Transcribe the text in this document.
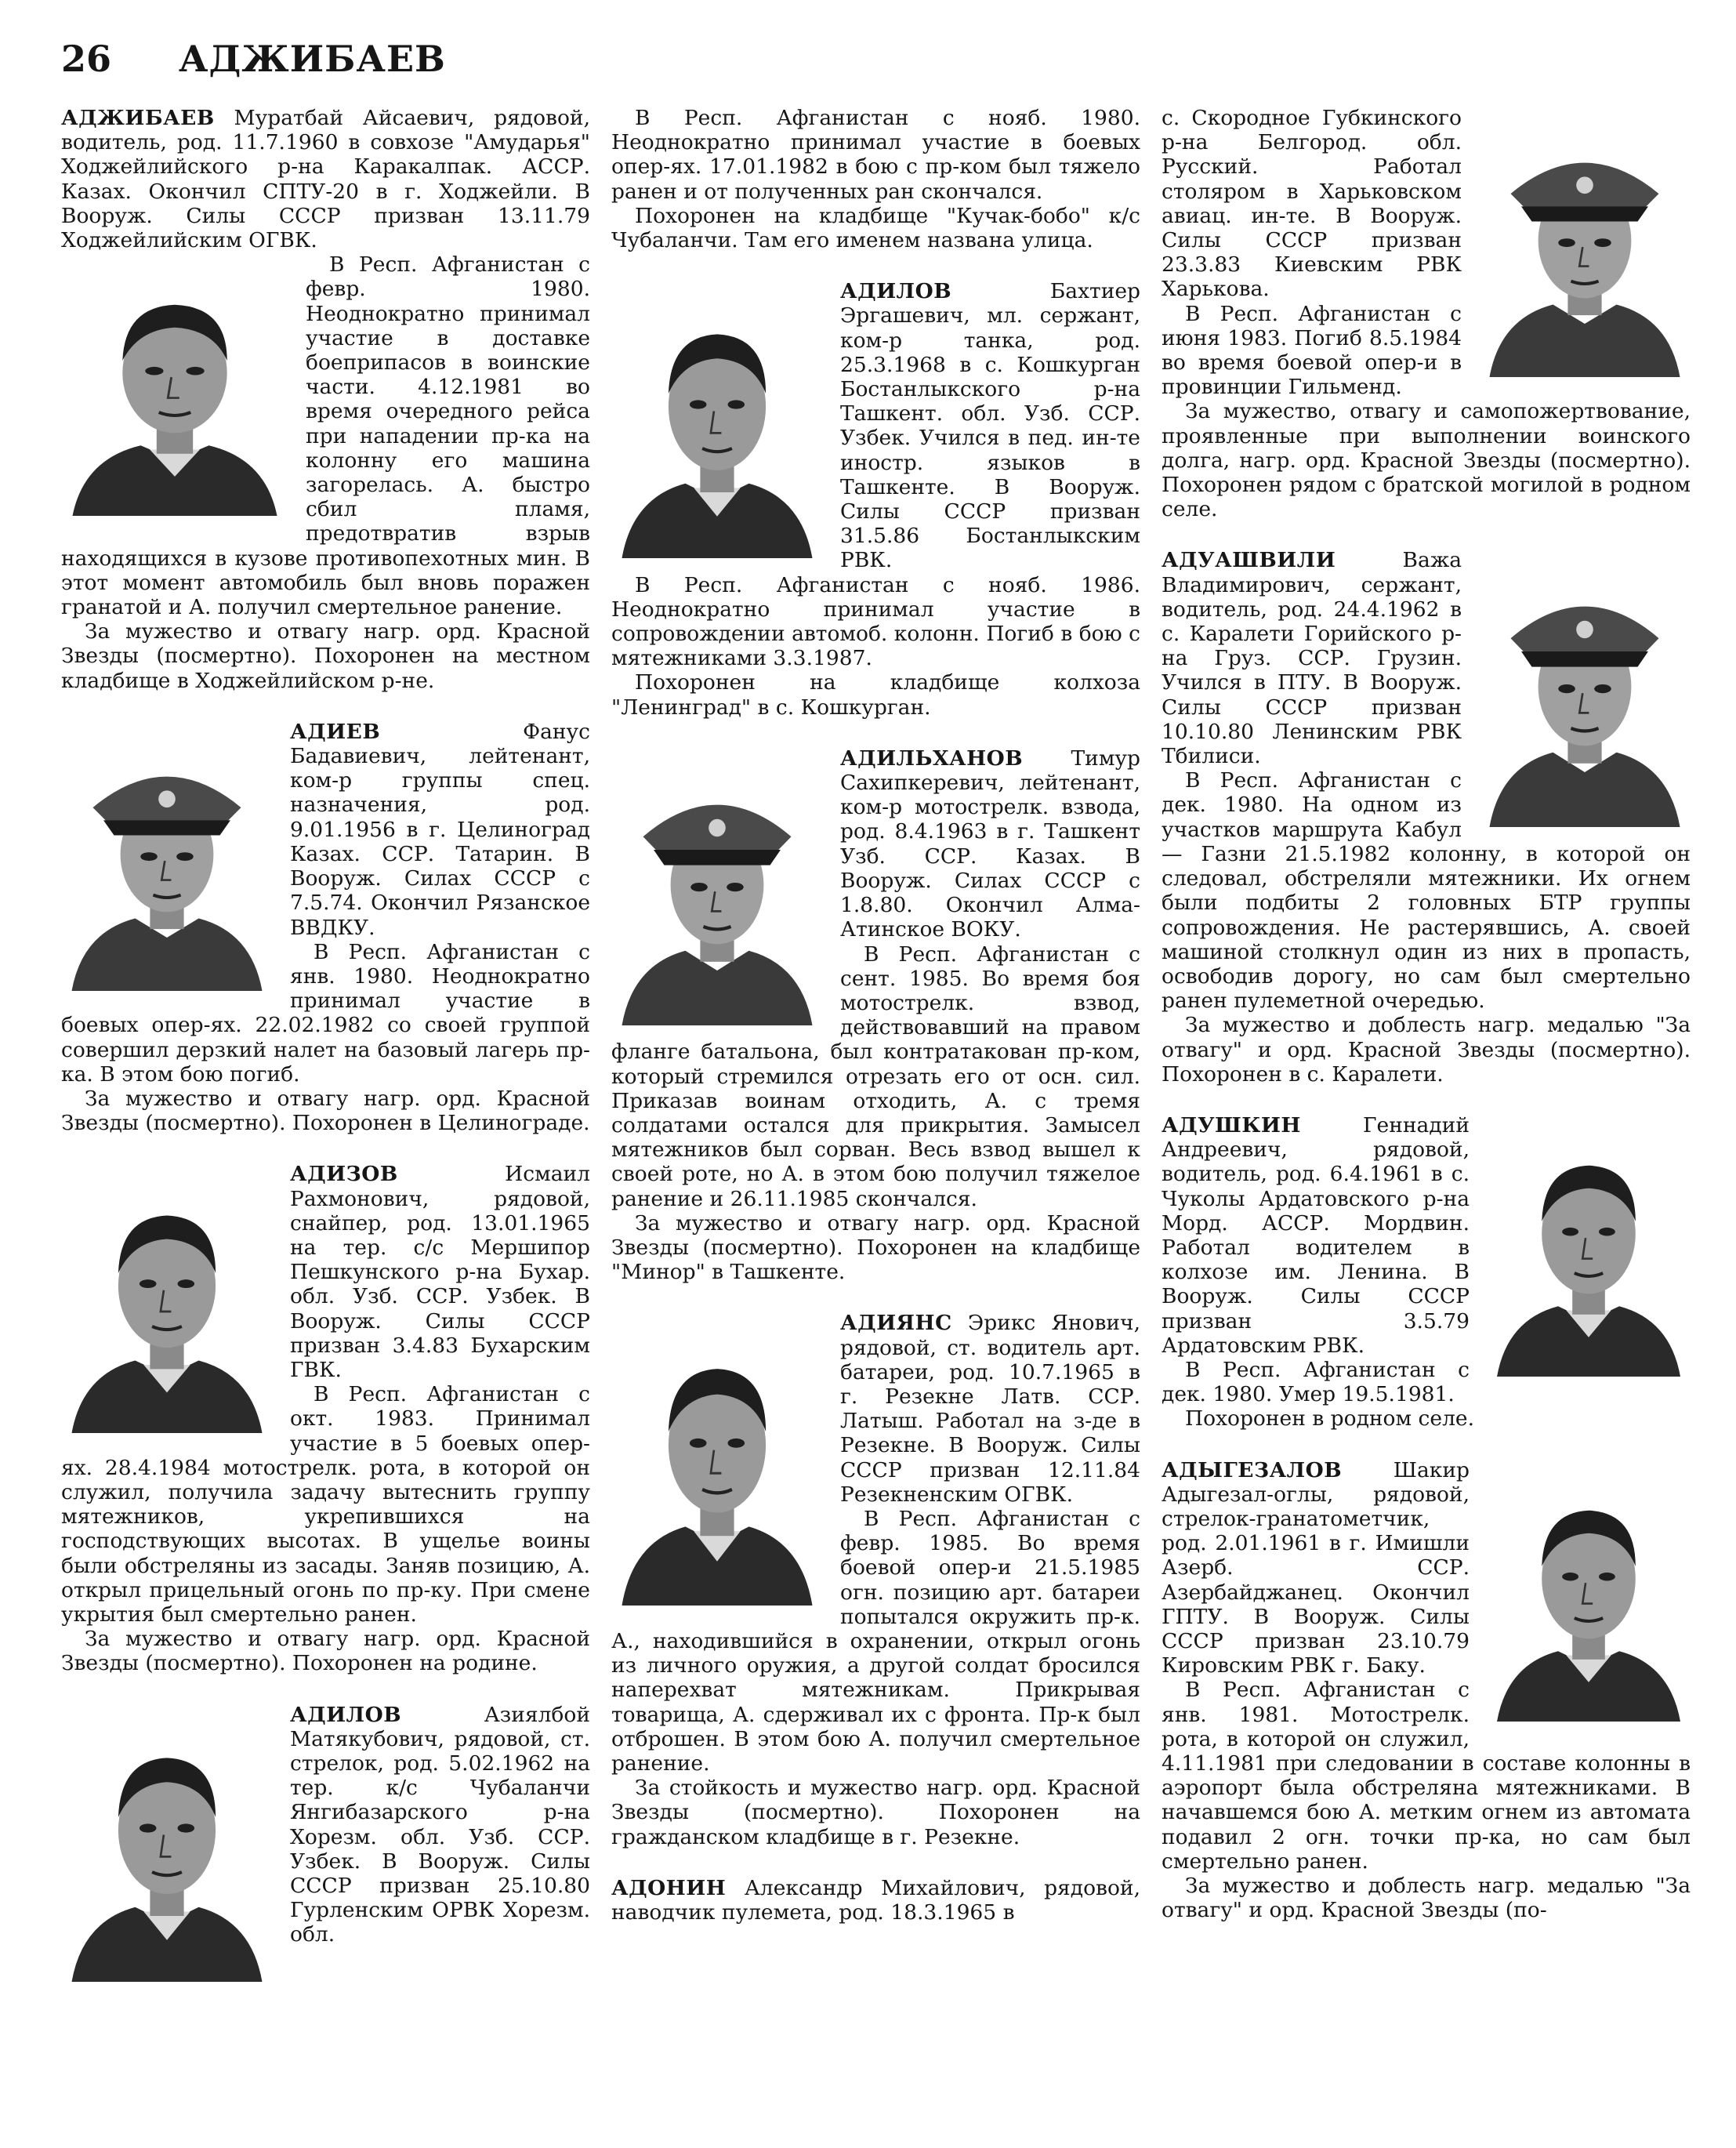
26 АДЖИБАЕВ

АДЖИБАЕВ Муратбай Айсаевич, рядовой, водитель, род. 11.7.1960 в совхозе "Амударья" Ходжейлийского р-на Каракалпак. АССР. Казах. Окончил СПТУ-20 в г. Ходжейли. В Вооруж. Силы СССР призван 13.11.79 Ходжейлийским ОГВК.

В Респ. Афганистан с февр. 1980. Неоднократно принимал участие в доставке боеприпасов в воинские части. 4.12.1981 во время очередного рейса при нападении пр-ка на колонну его машина загорелась. А. быстро сбил пламя, предотвратив взрыв находящихся в кузове противопехотных мин. В этот момент автомобиль был вновь поражен гранатой и А. получил смертельное ранение.

За мужество и отвагу нагр. орд. Красной Звезды (посмертно). Похоронен на местном кладбище в Ходжейлийском р-не.

АДИЕВ	Фанус Бадавиевич, лейтенант, ком-р группы спец. назначения, род. 9.01.1956 в г. Целиноград Казах. ССР. Татарин. В Вооруж. Силах СССР с 7.5.74. Окончил Рязанское ВВДКУ.

В Респ. Афганистан с янв. 1980. Неоднократно принимал участие в боевых опер-ях. 22.02.1982 со своей группой совершил дерзкий налет на базовый лагерь пр-ка. В этом бою погиб.

За мужество и отвагу нагр. орд. Красной Звезды (посмертно). Похоронен в Целинограде.

АДИЗОВ	Исмаил Рахмонович, рядовой, снайпер, род. 13.01.1965 на тер. с/с Мершипор Пешкунского р-на Бухар. обл. Узб. ССР. Узбек. В Вооруж. Силы СССР призван 3.4.83 Бухарским ГВК.

В Респ. Афганистан с окт. 1983. Принимал участие в 5 боевых опер-ях. 28.4.1984 мотострелк. рота, в которой он служил, получила задачу вытеснить группу мятежников, укрепившихся на господствующих высотах. В ущелье воины были обстреляны из засады. Заняв позицию, А. открыл прицельный огонь по пр-ку. При смене укрытия был смертельно ранен.

За мужество и отвагу нагр. орд. Красной Звезды (посмертно). Похоронен на родине.

АДИЛОВ	Азиялбой Матякубович, рядовой, ст. стрелок, род. 5.02.1962 на тер. к/с Чубаланчи Янгибазарского р-на Хорезм. обл. Узб. ССР. Узбек. В Вооруж. Силы СССР призван 25.10.80 Гурленским ОРВК Хорезм. обл.

В Респ. Афганистан с нояб. 1980. Неоднократно принимал участие в боевых опер-ях. 17.01.1982 в бою с пр-ком был тяжело ранен и от полученных ран скончался.

Похоронен на кладбище "Кучак-бобо" к/с Чубаланчи. Там его именем названа улица.

АДИЛОВ	Бахтиер Эргашевич, мл. сержант, ком-р танка, род. 25.3.1968 в с. Кошкурган Бостанлыкского р-на Ташкент. обл. Узб. ССР. Узбек. Учился в пед. ин-те иностр. языков в Ташкенте. В Вооруж. Силы СССР призван 31.5.86 Бостанлыкским РВК.

В Респ. Афганистан с нояб. 1986. Неоднократно принимал участие в сопровождении автомоб. колонн. Погиб в бою с мятежниками 3.3.1987.

Похоронен на кладбище колхоза "Ленинград" в с. Кошкурган.

АДИЛЬХАНОВ Тимур Сахипкеревич, лейтенант, ком-р мотострелк. взвода, род. 8.4.1963 в г. Ташкент Узб. ССР. Казах. В Вооруж. Силах СССР с 1.8.80. Окончил Алма-Атинское ВОКУ.

В Респ. Афганистан с сент. 1985. Во время боя мотострелк. взвод, действовавший на правом фланге батальона, был контратакован пр-ком, который стремился отрезать его от осн. сил. Приказав воинам отходить, А. с тремя солдатами остался для прикрытия. Замысел мятежников был сорван. Весь взвод вышел к своей роте, но А. в этом бою получил тяжелое ранение и 26.11.1985 скончался.

За мужество и отвагу нагр. орд. Красной Звезды (посмертно). Похоронен на кладбище "Минор" в Ташкенте.

АДИЯНС Эрикс Янович, рядовой, ст. водитель арт. батареи, род. 10.7.1965 в г. Резекне Латв. ССР. Латыш. Работал на з-де в Резекне. В Вооруж. Силы СССР призван 12.11.84 Резекненским ОГВК.

В Респ. Афганистан с февр. 1985. Во время боевой опер-и 21.5.1985 огн. позицию арт. батареи попытался окружить пр-к. А., находившийся в охранении, открыл огонь из личного оружия, а другой солдат бросился наперехват мятежникам. Прикрывая товарища, А. сдерживал их с фронта. Пр-к был отброшен. В этом бою А. получил смертельное ранение.

За стойкость и мужество нагр. орд. Красной Звезды (посмертно). Похоронен на гражданском кладбище в г. Резекне.

АДОНИН Александр Михайлович, рядовой, наводчик пулемета, род. 18.3.1965 в

с. Скородное Губкинского р-на Белгород. обл. Русский. Работал столяром в Харьковском авиац. ин-те. В Вооруж. Силы СССР призван 23.3.83 Киевским РВК Харькова.

В Респ. Афганистан с июня 1983. Погиб 8.5.1984 во время боевой опер-и в провинции Гильменд.

За мужество, отвагу и самопожертвование, проявленные при выполнении воинского долга, нагр. орд. Красной Звезды (посмертно). Похоронен рядом с братской могилой в родном селе.

АДУАШВИЛИ	Важа Владимирович, сержант, водитель, род. 24.4.1962 в с. Каралети Горийского р-на Груз. ССР. Грузин. Учился в ПТУ. В Вооруж. Силы СССР призван 10.10.80 Ленинским РВК Тбилиси.

В Респ. Афганистан с дек. 1980. На одном из участков маршрута Кабул — Газни 21.5.1982 колонну, в которой он следовал, обстреляли мятежники. Их огнем были подбиты 2 головных БТР группы сопровождения. Не растерявшись, А. своей машиной столкнул один из них в пропасть, освободив дорогу, но сам был смертельно ранен пулеметной очередью.

За мужество и доблесть нагр. медалью "За отвагу" и орд. Красной Звезды (посмертно). Похоронен в с. Каралети.

АДУШКИН	Геннадий Андреевич, рядовой, водитель, род. 6.4.1961 в с. Чуколы Ардатовского р-на Морд. АССР. Мордвин. Работал водителем в колхозе им. Ленина. В Вооруж. Силы СССР призван 3.5.79 Ардатовским РВК.

В Респ. Афганистан с дек. 1980. Умер 19.5.1981.

Похоронен в родном селе.

АДЫГЕЗАЛОВ Шакир Адыгезал-оглы, рядовой, стрелок-гранатометчик, род. 2.01.1961 в г. Имишли Азерб. ССР. Азербайджанец. Окончил ГПТУ. В Вооруж. Силы СССР призван 23.10.79 Кировским РВК г. Баку.

В Респ. Афганистан с янв. 1981. Мотострелк. рота, в которой он служил, 4.11.1981 при следовании в составе колонны в аэропорт была обстреляна мятежниками. В начавшемся бою А. метким огнем из автомата подавил 2 огн. точки пр-ка, но сам был смертельно ранен.

За мужество и доблесть нагр. медалью "За отвагу" и орд. Красной Звезды (по-
